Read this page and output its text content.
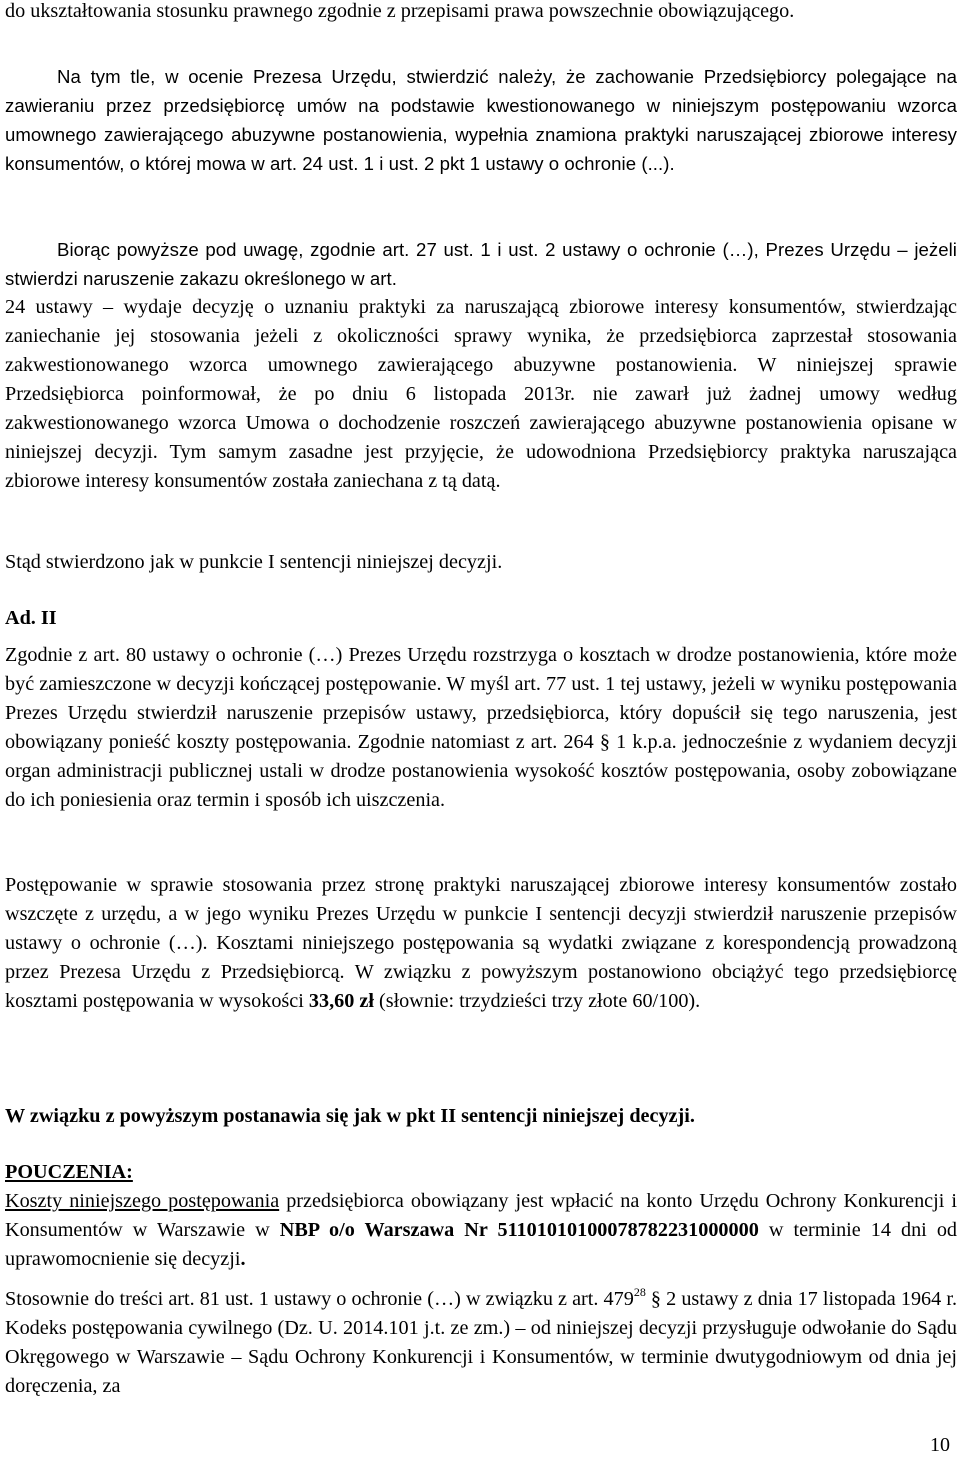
do ukształtowania stosunku prawnego zgodnie z przepisami prawa powszechnie obowiązującego.

Na tym tle, w ocenie Prezesa Urzędu, stwierdzić należy, że zachowanie Przedsiębiorcy polegające na zawieraniu przez przedsiębiorcę umów na podstawie kwestionowanego w niniejszym postępowaniu wzorca umownego zawierającego abuzywne postanowienia, wypełnia znamiona praktyki naruszającej zbiorowe interesy konsumentów, o której mowa w art. 24 ust. 1 i ust. 2 pkt 1 ustawy o ochronie (...).

Biorąc powyższe pod uwagę, zgodnie art. 27 ust. 1 i ust. 2 ustawy o ochronie (…), Prezes Urzędu – jeżeli stwierdzi naruszenie zakazu określonego w art.

24 ustawy – wydaje decyzję o uznaniu praktyki za naruszającą zbiorowe interesy konsumentów, stwierdzając zaniechanie jej stosowania jeżeli z okoliczności sprawy wynika, że przedsiębiorca zaprzestał stosowania zakwestionowanego wzorca umownego zawierającego abuzywne postanowienia. W niniejszej sprawie Przedsiębiorca poinformował, że po dniu 6 listopada 2013r. nie zawarł już żadnej umowy według zakwestionowanego wzorca Umowa o dochodzenie roszczeń zawierającego abuzywne postanowienia opisane w niniejszej decyzji. Tym samym zasadne jest przyjęcie, że udowodniona Przedsiębiorcy praktyka naruszająca zbiorowe interesy konsumentów została zaniechana z tą datą.

Stąd stwierdzono jak w punkcie I sentencji niniejszej decyzji.

Ad. II

Zgodnie z art. 80 ustawy o ochronie (…) Prezes Urzędu rozstrzyga o kosztach w drodze postanowienia, które może być zamieszczone w decyzji kończącej postępowanie. W myśl art. 77 ust. 1 tej ustawy, jeżeli w wyniku postępowania Prezes Urzędu stwierdził naruszenie przepisów ustawy, przedsiębiorca, który dopuścił się tego naruszenia, jest obowiązany ponieść koszty postępowania. Zgodnie natomiast z art. 264 § 1 k.p.a. jednocześnie z wydaniem decyzji organ administracji publicznej ustali w drodze postanowienia wysokość kosztów postępowania, osoby zobowiązane do ich poniesienia oraz termin i sposób ich uiszczenia.

Postępowanie w sprawie stosowania przez stronę praktyki naruszającej zbiorowe interesy konsumentów zostało wszczęte z urzędu, a w jego wyniku Prezes Urzędu w punkcie I sentencji decyzji stwierdził naruszenie przepisów ustawy o ochronie (…). Kosztami niniejszego postępowania są wydatki związane z korespondencją prowadzoną przez Prezesa Urzędu z Przedsiębiorcą. W związku z powyższym postanowiono obciążyć tego przedsiębiorcę kosztami postępowania w wysokości 33,60 zł (słownie: trzydzieści trzy złote 60/100).

W związku z powyższym postanawia się jak w pkt II sentencji niniejszej decyzji.

POUCZENIA:

Koszty niniejszego postępowania przedsiębiorca obowiązany jest wpłacić na konto Urzędu Ochrony Konkurencji i Konsumentów w Warszawie w NBP o/o Warszawa Nr 51101010100078782231000000 w terminie 14 dni od uprawomocnienie się decyzji.

Stosownie do treści art. 81 ust. 1 ustawy o ochronie (…) w związku z art. $479^{28}$ § 2 ustawy z dnia 17 listopada 1964 r. Kodeks postępowania cywilnego (Dz. U. 2014.101 j.t. ze zm.) – od niniejszej decyzji przysługuje odwołanie do Sądu Okręgowego w Warszawie – Sądu Ochrony Konkurencji i Konsumentów, w terminie dwutygodniowym od dnia jej doręczenia, za

10
